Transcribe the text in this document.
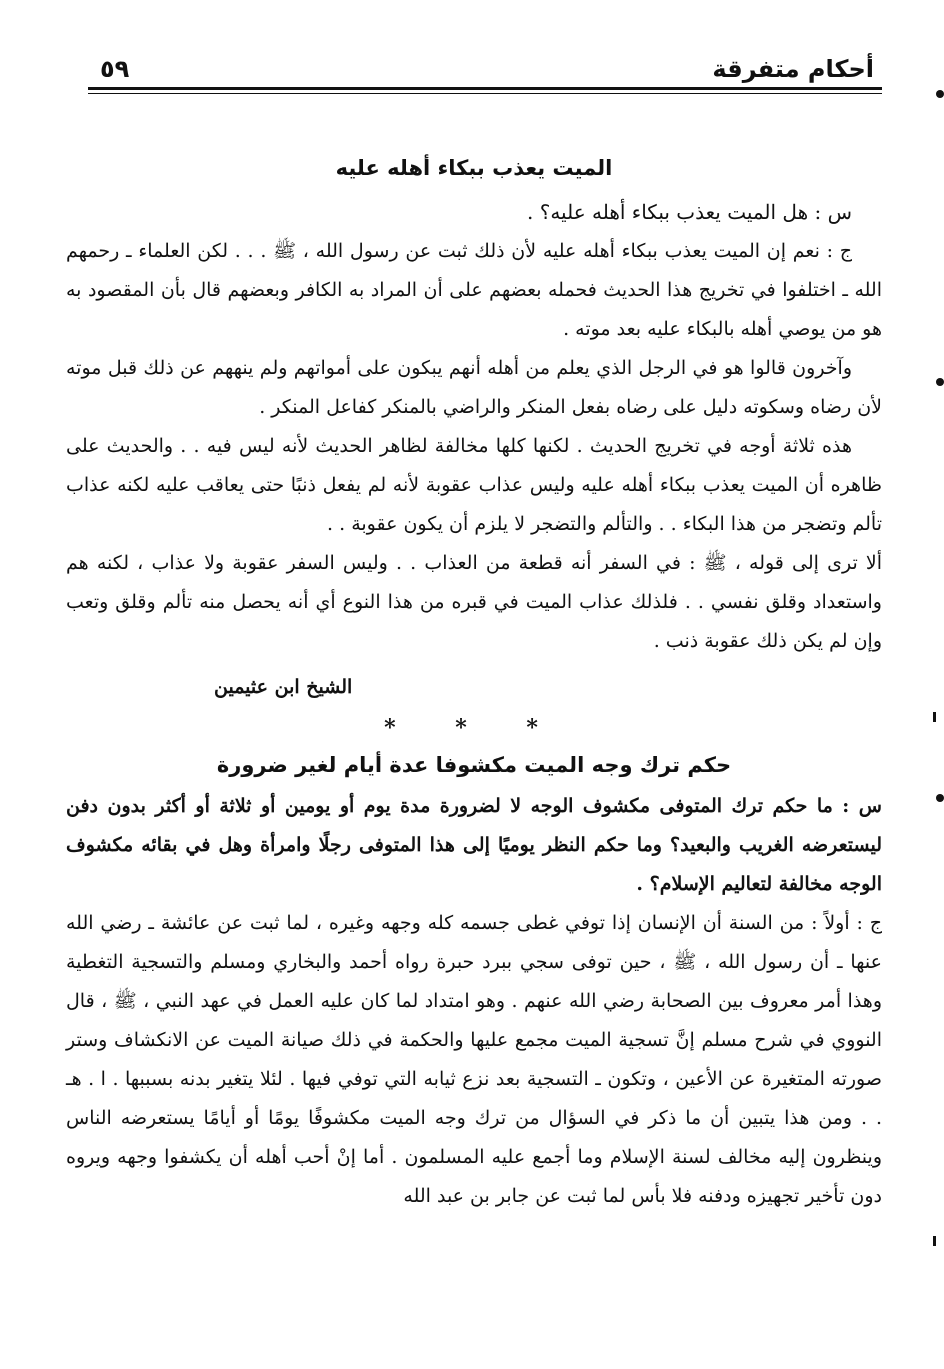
أحكام متفرقة
٥٩
الميت يعذب ببكاء أهله عليه

س : هل الميت يعذب ببكاء أهله عليه؟ .

ج : نعم إن الميت يعذب ببكاء أهله عليه لأن ذلك ثبت عن رسول الله ، ﷺ . . . لكن العلماء ـ رحمهم الله ـ اختلفوا في تخريج هذا الحديث فحمله بعضهم على أن المراد به الكافر وبعضهم قال بأن المقصود به هو من يوصي أهله بالبكاء عليه بعد موته .

وآخرون قالوا هو في الرجل الذي يعلم من أهله أنهم يبكون على أمواتهم ولم ينههم عن ذلك قبل موته لأن رضاه وسكوته دليل على رضاه بفعل المنكر والراضي بالمنكر كفاعل المنكر .

هذه ثلاثة أوجه في تخريج الحديث . لكنها كلها مخالفة لظاهر الحديث لأنه ليس فيه . . والحديث على ظاهره أن الميت يعذب ببكاء أهله عليه وليس عذاب عقوبة لأنه لم يفعل ذنبًا حتى يعاقب عليه لكنه عذاب تألم وتضجر من هذا البكاء . . والتألم والتضجر لا يلزم أن يكون عقوبة . .

ألا ترى إلى قوله ، ﷺ : في السفر أنه قطعة من العذاب . . وليس السفر عقوبة ولا عذاب ، لكنه هم واستعداد وقلق نفسي . . فلذلك عذاب الميت في قبره من هذا النوع أي أنه يحصل منه تألم وقلق وتعب وإن لم يكن ذلك عقوبة ذنب .

الشيخ ابن عثيمين

* * *
حكم ترك وجه الميت مكشوفا عدة أيام لغير ضرورة

س : ما حكم ترك المتوفى مكشوف الوجه لا لضرورة مدة يوم أو يومين أو ثلاثة أو أكثر بدون دفن ليستعرضه الغريب والبعيد؟ وما حكم النظر يوميًا إلى هذا المتوفى رجلًا وامرأة وهل في بقائه مكشوف الوجه مخالفة لتعاليم الإسلام؟ .

ج : أولاً : من السنة أن الإنسان إذا توفي غطى جسمه كله وجهه وغيره ، لما ثبت عن عائشة ـ رضي الله عنها ـ أن رسول الله ، ﷺ ، حين توفى سجي ببرد حبرة رواه أحمد والبخاري ومسلم والتسجية التغطية وهذا أمر معروف بين الصحابة رضي الله عنهم . وهو امتداد لما كان عليه العمل في عهد النبي ، ﷺ ، قال النووي في شرح مسلم إنَّ تسجية الميت مجمع عليها والحكمة في ذلك صيانة الميت عن الانكشاف وستر صورته المتغيرة عن الأعين ، وتكون ـ التسجية بعد نزع ثيابه التي توفي فيها . لئلا يتغير بدنه بسببها . ا . هـ . . ومن هذا يتبين أن ما ذكر في السؤال من ترك وجه الميت مكشوفًا يومًا أو أيامًا يستعرضه الناس وينظرون إليه مخالف لسنة الإسلام وما أجمع عليه المسلمون . أما إنْ أحب أهله أن يكشفوا وجهه ويروه دون تأخير تجهيزه ودفنه فلا بأس لما ثبت عن جابر بن عبد الله
